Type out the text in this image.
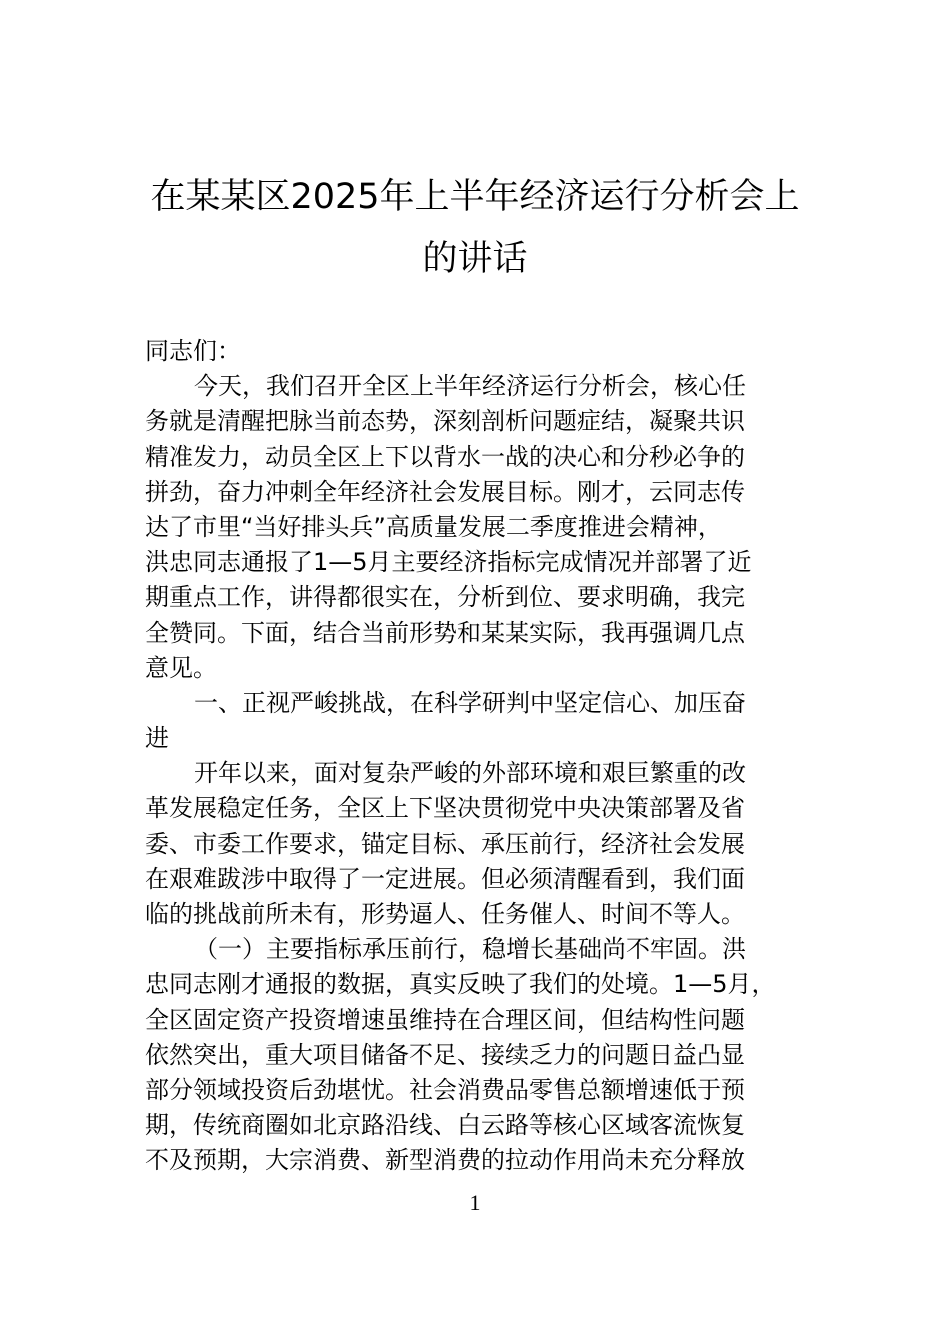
在某某区2025年上半年经济运行分析会上
的讲话

同志们：

今天，我们召开全区上半年经济运行分析会，核心任
务就是清醒把脉当前态势，深刻剖析问题症结，凝聚共识
精准发力，动员全区上下以背水一战的决心和分秒必争的
拼劲，奋力冲刺全年经济社会发展目标。刚才，云同志传
达了市里“当好排头兵”高质量发展二季度推进会精神，
洪忠同志通报了1—5月主要经济指标完成情况并部署了近
期重点工作，讲得都很实在，分析到位、要求明确，我完
全赞同。下面，结合当前形势和某某实际，我再强调几点
意见。

一、正视严峻挑战，在科学研判中坚定信心、加压奋
进

开年以来，面对复杂严峻的外部环境和艰巨繁重的改
革发展稳定任务，全区上下坚决贯彻党中央决策部署及省
委、市委工作要求，锚定目标、承压前行，经济社会发展
在艰难跋涉中取得了一定进展。但必须清醒看到，我们面
临的挑战前所未有，形势逼人、任务催人、时间不等人。

（一）主要指标承压前行，稳增长基础尚不牢固。洪
忠同志刚才通报的数据，真实反映了我们的处境。1—5月，
全区固定资产投资增速虽维持在合理区间，但结构性问题
依然突出，重大项目储备不足、接续乏力的问题日益凸显
部分领域投资后劲堪忧。社会消费品零售总额增速低于预
期，传统商圈如北京路沿线、白云路等核心区域客流恢复
不及预期，大宗消费、新型消费的拉动作用尚未充分释放

1
